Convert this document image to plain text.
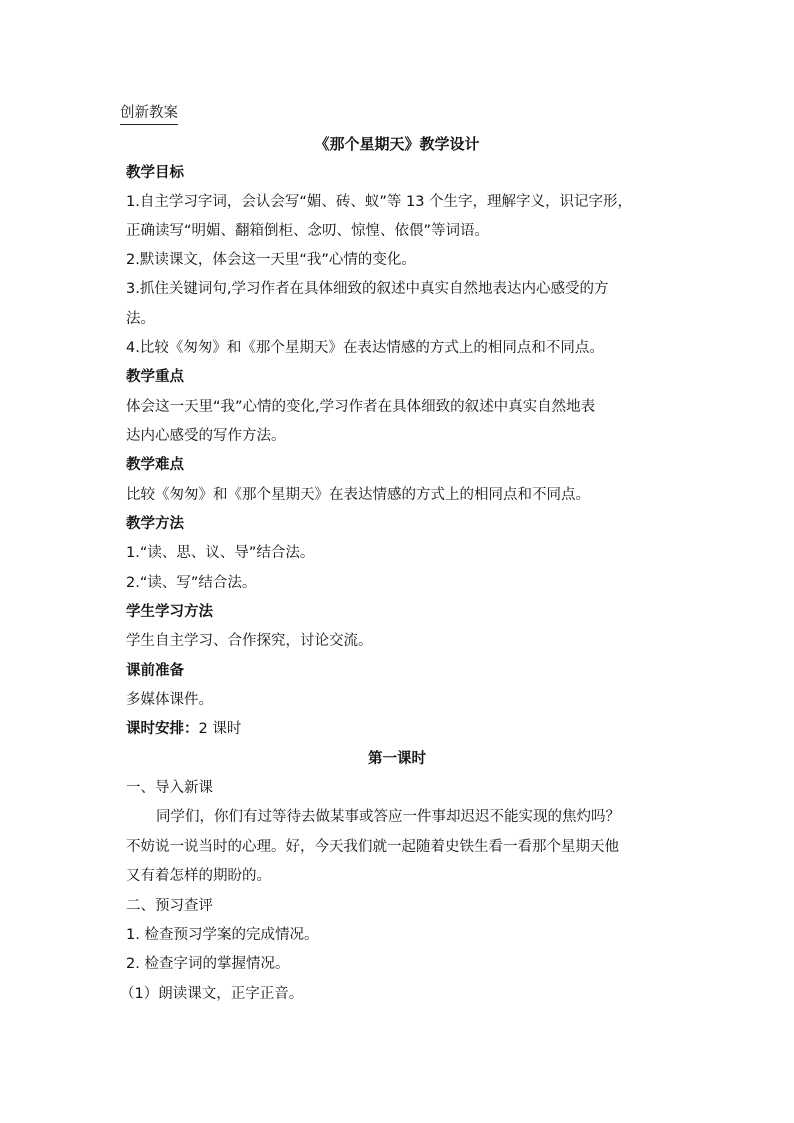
创新教案
《那个星期天》教学设计
教学目标
1.自主学习字词，会认会写“媚、砖、蚁”等 13 个生字，理解字义，识记字形，
正确读写“明媚、翻箱倒柜、念叨、惊惶、依偎”等词语。
2.默读课文，体会这一天里“我”心情的变化。
3.抓住关键词句,学习作者在具体细致的叙述中真实自然地表达内心感受的方
法。
4.比较《匆匆》和《那个星期天》在表达情感的方式上的相同点和不同点。
教学重点
体会这一天里“我”心情的变化,学习作者在具体细致的叙述中真实自然地表
达内心感受的写作方法。
教学难点
比较《匆匆》和《那个星期天》在表达情感的方式上的相同点和不同点。
教学方法
1.“读、思、议、导”结合法。
2.“读、写”结合法。
学生学习方法
学生自主学习、合作探究，讨论交流。
课前准备
多媒体课件。
课时安排：2 课时
第一课时
一、导入新课
同学们，你们有过等待去做某事或答应一件事却迟迟不能实现的焦灼吗？
不妨说一说当时的心理。好，今天我们就一起随着史铁生看一看那个星期天他
又有着怎样的期盼的。
二、预习查评
1. 检查预习学案的完成情况。
2. 检查字词的掌握情况。
（1）朗读课文，正字正音。
